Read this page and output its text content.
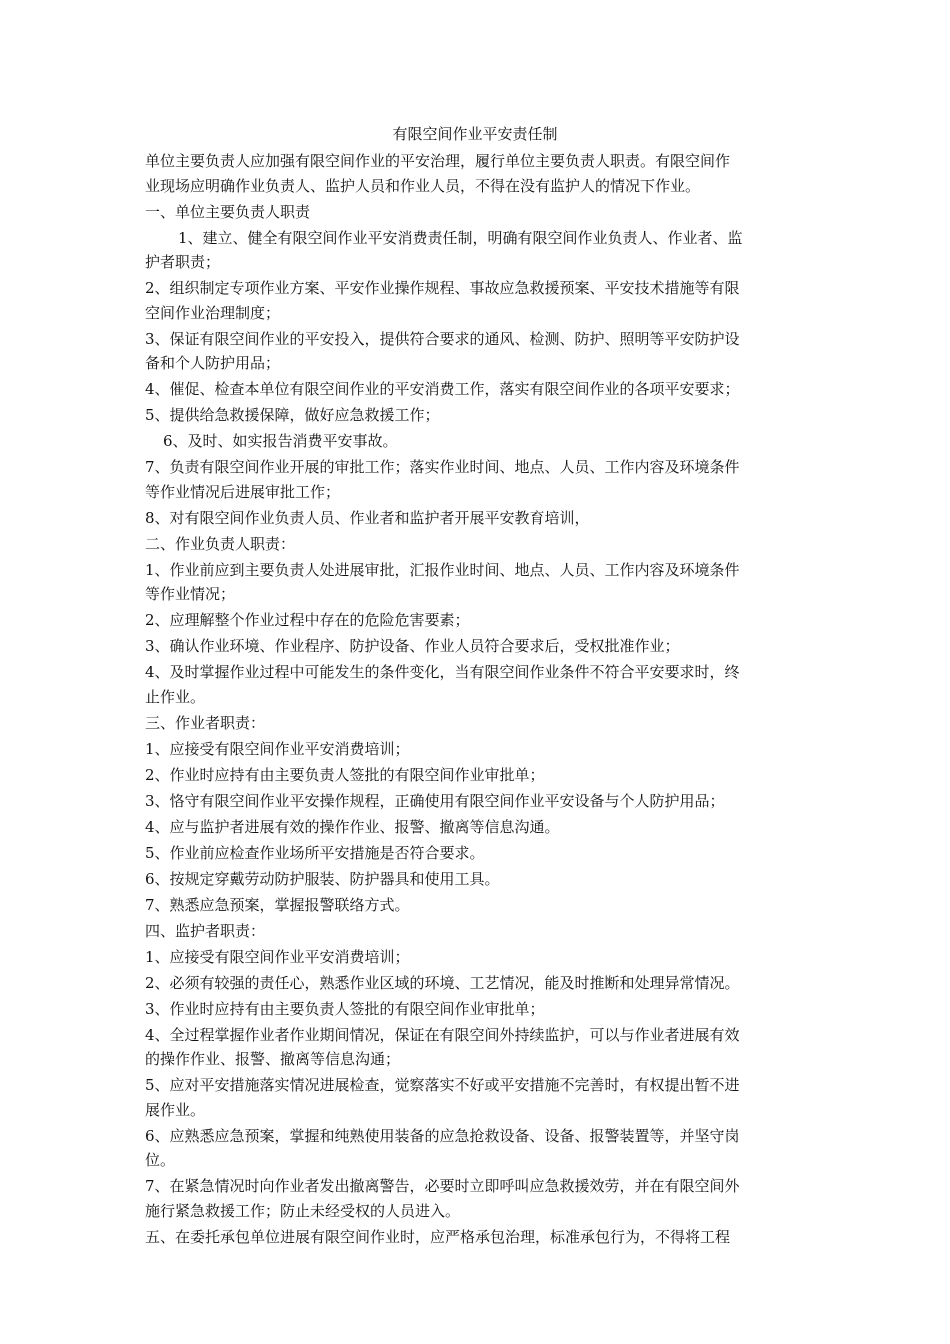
有限空间作业平安责任制
单位主要负责人应加强有限空间作业的平安治理，履行单位主要负责人职责。有限空间作
业现场应明确作业负责人、监护人员和作业人员，不得在没有监护人的情况下作业。
一、单位主要负责人职责
1、建立、健全有限空间作业平安消费责任制，明确有限空间作业负责人、作业者、监
护者职责；
2、组织制定专项作业方案、平安作业操作规程、事故应急救援预案、平安技术措施等有限
空间作业治理制度；
3、保证有限空间作业的平安投入，提供符合要求的通风、检测、防护、照明等平安防护设
备和个人防护用品；
4、催促、检查本单位有限空间作业的平安消费工作，落实有限空间作业的各项平安要求；
5、提供给急救援保障，做好应急救援工作；
6、及时、如实报告消费平安事故。
7、负责有限空间作业开展的审批工作；落实作业时间、地点、人员、工作内容及环境条件
等作业情况后进展审批工作；
8、对有限空间作业负责人员、作业者和监护者开展平安教育培训，
二、作业负责人职责：
1、作业前应到主要负责人处进展审批，汇报作业时间、地点、人员、工作内容及环境条件
等作业情况；
2、应理解整个作业过程中存在的危险危害要素；
3、确认作业环境、作业程序、防护设备、作业人员符合要求后，受权批准作业；
4、及时掌握作业过程中可能发生的条件变化，当有限空间作业条件不符合平安要求时，终
止作业。
三、作业者职责：
1、应接受有限空间作业平安消费培训；
2、作业时应持有由主要负责人签批的有限空间作业审批单；
3、恪守有限空间作业平安操作规程，正确使用有限空间作业平安设备与个人防护用品；
4、应与监护者进展有效的操作作业、报警、撤离等信息沟通。
5、作业前应检查作业场所平安措施是否符合要求。
6、按规定穿戴劳动防护服装、防护器具和使用工具。
7、熟悉应急预案，掌握报警联络方式。
四、监护者职责：
1、应接受有限空间作业平安消费培训；
2、必须有较强的责任心，熟悉作业区域的环境、工艺情况，能及时推断和处理异常情况。
3、作业时应持有由主要负责人签批的有限空间作业审批单；
4、全过程掌握作业者作业期间情况，保证在有限空间外持续监护，可以与作业者进展有效
的操作作业、报警、撤离等信息沟通；
5、应对平安措施落实情况进展检查，觉察落实不好或平安措施不完善时，有权提出暂不进
展作业。
6、应熟悉应急预案，掌握和纯熟使用装备的应急抢救设备、设备、报警装置等，并坚守岗
位。
7、在紧急情况时向作业者发出撤离警告，必要时立即呼叫应急救援效劳，并在有限空间外
施行紧急救援工作；防止未经受权的人员进入。
五、在委托承包单位进展有限空间作业时，应严格承包治理，标准承包行为，不得将工程
